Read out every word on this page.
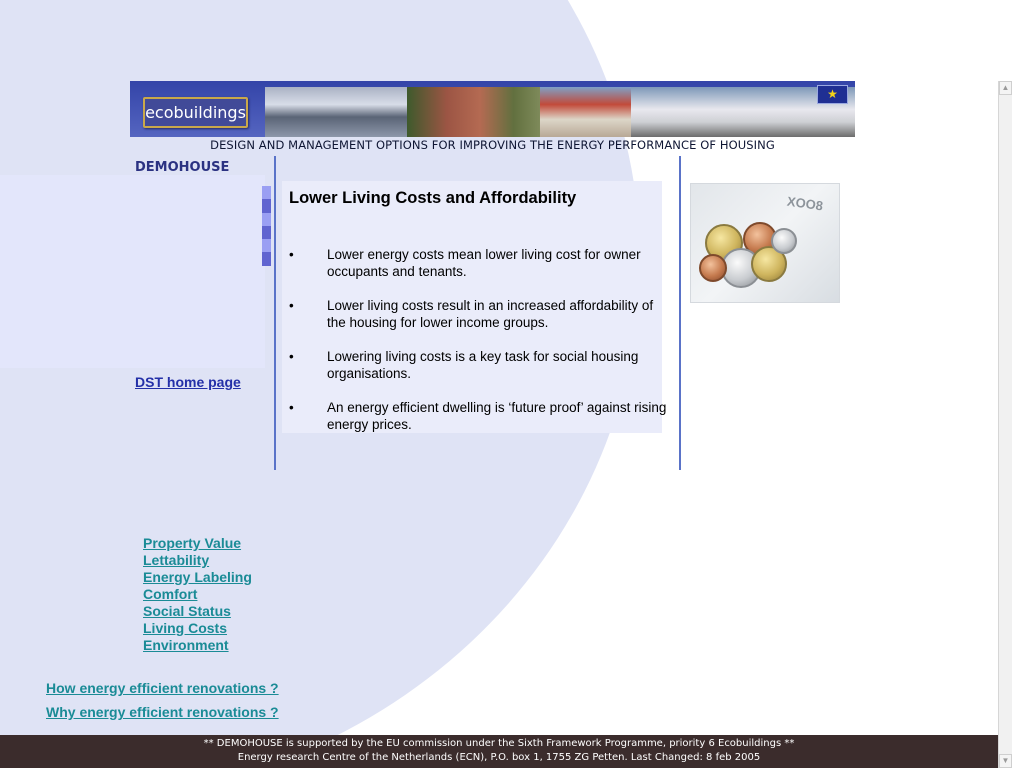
ecobuildings
★
DESIGN AND MANAGEMENT OPTIONS FOR IMPROVING THE ENERGY PERFORMANCE OF HOUSING
DEMOHOUSE
DST home page
Lower Living Costs and Affordability
• Lower energy costs mean lower living cost for owner occupants and tenants.
• Lower living costs result in an increased affordability of the housing for lower income groups.
• Lowering living costs is a key task for social housing organisations.
• An energy efficient dwelling is ‘future proof’ against rising energy prices.
XOO8
Property Value
Lettability
Energy Labeling
Comfort
Social Status
Living Costs
Environment
How energy efficient renovations ?
Why energy efficient renovations ?
** DEMOHOUSE is supported by the EU commission under the Sixth Framework Programme, priority 6 Ecobuildings **
Energy research Centre of the Netherlands (ECN), P.O. box 1, 1755 ZG Petten. Last Changed: 8 feb 2005
▲
▼
